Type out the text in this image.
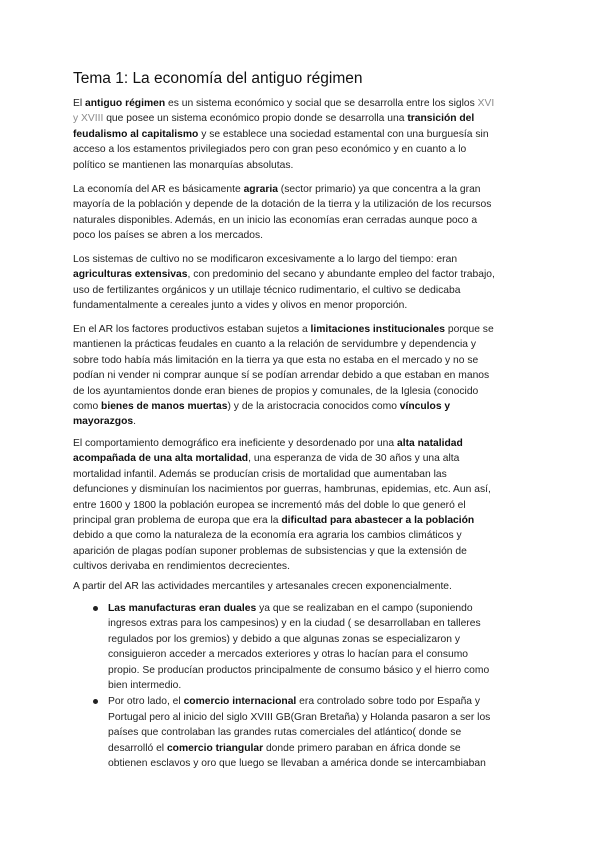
Tema 1: La economía del antiguo régimen
El antiguo régimen es un sistema económico y social que se desarrolla entre los siglos XVI
y XVIII que posee un sistema económico propio donde se desarrolla una transición del
feudalismo al capitalismo y se establece una sociedad estamental con una burguesía sin
acceso a los estamentos privilegiados pero con gran peso económico y en cuanto a lo
político se mantienen las monarquías absolutas.
La economía del AR es básicamente agraria (sector primario) ya que concentra a la gran
mayoría de la población y depende de la dotación de la tierra y la utilización de los recursos
naturales disponibles. Además, en un inicio las economías eran cerradas aunque poco a
poco los países se abren a los mercados.
Los sistemas de cultivo no se modificaron excesivamente a lo largo del tiempo: eran
agriculturas extensivas, con predominio del secano y abundante empleo del factor trabajo,
uso de fertilizantes orgánicos y un utillaje técnico rudimentario, el cultivo se dedicaba
fundamentalmente a cereales junto a vides y olivos en menor proporción.
En el AR los factores productivos estaban sujetos a limitaciones institucionales porque se
mantienen la prácticas feudales en cuanto a la relación de servidumbre y dependencia y
sobre todo había más limitación en la tierra ya que esta no estaba en el mercado y no se
podían ni vender ni comprar aunque sí se podían arrendar debido a que estaban en manos
de los ayuntamientos donde eran bienes de propios y comunales, de la Iglesia (conocido
como bienes de manos muertas) y de la aristocracia conocidos como vínculos y
mayorazgos.
El comportamiento demográfico era ineficiente y desordenado por una alta natalidad
acompañada de una alta mortalidad, una esperanza de vida de 30 años y una alta
mortalidad infantil. Además se producían crisis de mortalidad que aumentaban las
defunciones y disminuían los nacimientos por guerras, hambrunas, epidemias, etc. Aun así,
entre 1600 y 1800 la población europea se incrementó más del doble lo que generó el
principal gran problema de europa que era la dificultad para abastecer a la población
debido a que como la naturaleza de la economía era agraria los cambios climáticos y
aparición de plagas podían suponer problemas de subsistencias y que la extensión de
cultivos derivaba en rendimientos decrecientes.
A partir del AR las actividades mercantiles y artesanales crecen exponencialmente.
Las manufacturas eran duales ya que se realizaban en el campo (suponiendo
ingresos extras para los campesinos) y en la ciudad ( se desarrollaban en talleres
regulados por los gremios) y debido a que algunas zonas se especializaron y
consiguieron acceder a mercados exteriores y otras lo hacían para el consumo
propio. Se producían productos principalmente de consumo básico y el hierro como
bien intermedio.
Por otro lado, el comercio internacional era controlado sobre todo por España y
Portugal pero al inicio del siglo XVIII GB(Gran Bretaña) y Holanda pasaron a ser los
países que controlaban las grandes rutas comerciales del atlántico( donde se
desarrolló el comercio triangular donde primero paraban en áfrica donde se
obtienen esclavos y oro que luego se llevaban a américa donde se intercambiaban
